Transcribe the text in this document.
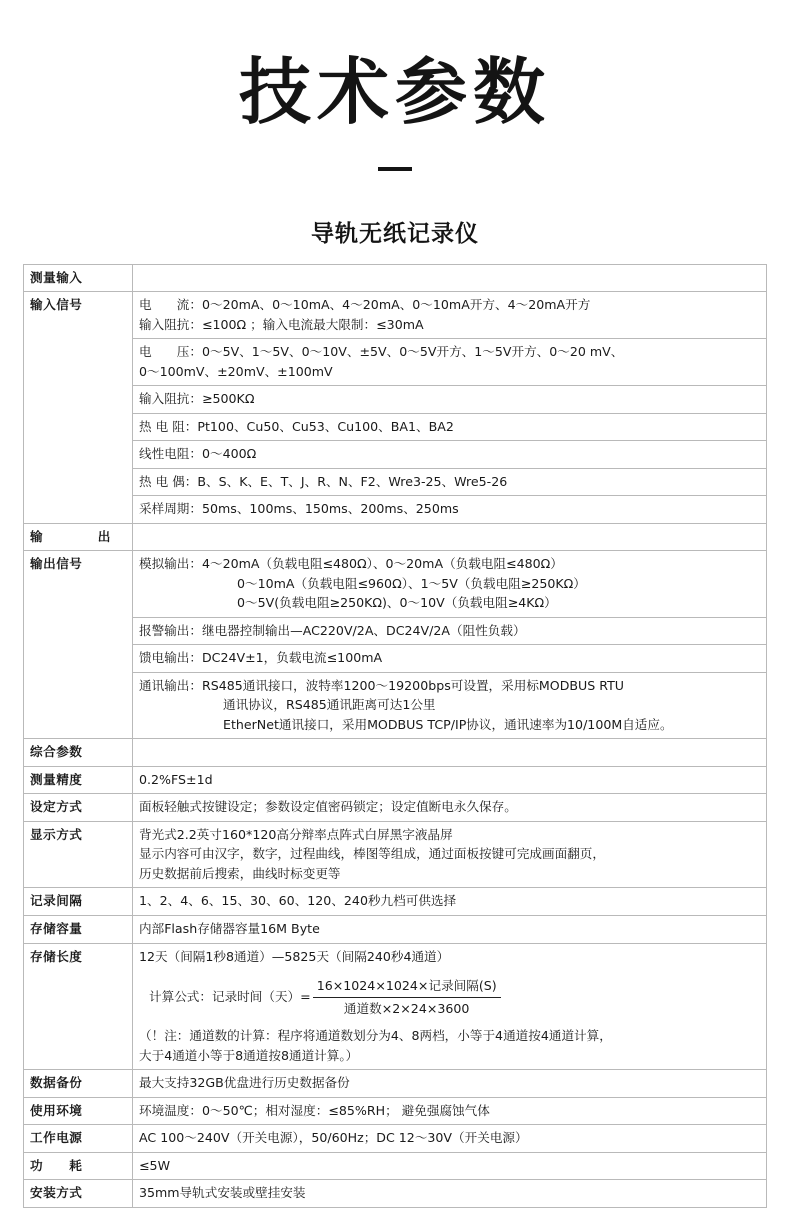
技术参数
导轨无纸记录仪
测量输入	
输入信号	电　　流：0～20mA、0～10mA、4～20mA、0～10mA开方、4～20mA开方
输入阻抗：≤100Ω ；输入电流最大限制：≤30mA

	电　　压：0～5V、1～5V、0～10V、±5V、0～5V开方、1～5V开方、0～20 mV、
0～100mV、±20mV、±100mV

	输入阻抗：≥500KΩ

	热 电 阻：Pt100、Cu50、Cu53、Cu100、BA1、BA2

	线性电阻：0～400Ω

	热 电 偶：B、S、K、E、T、J、R、N、F2、Wre3-25、Wre5-26

	采样周期：50ms、100ms、150ms、200ms、250ms

输　　出	
输出信号	模拟输出：4～20mA（负载电阻≤480Ω）、0～20mA（负载电阻≤480Ω）
0～10mA（负载电阻≤960Ω）、1～5V（负载电阻≥250KΩ）
0～5V(负载电阻≥250KΩ)、0～10V（负载电阻≥4KΩ）

	报警输出：继电器控制输出—AC220V/2A、DC24V/2A（阻性负载）

	馈电输出：DC24V±1，负载电流≤100mA

	通讯输出：RS485通讯接口，波特率1200～19200bps可设置，采用标MODBUS RTU
通讯协议，RS485通讯距离可达1公里
EtherNet通讯接口，采用MODBUS TCP/IP协议，通讯速率为10/100M自适应。

综合参数	
测量精度	0.2%FS±1d

设定方式	面板轻触式按键设定；参数设定值密码锁定；设定值断电永久保存。

显示方式	背光式2.2英寸160*120高分辩率点阵式白屏黑字液晶屏
显示内容可由汉字，数字，过程曲线，棒图等组成，通过面板按键可完成画面翻页，
历史数据前后搜索，曲线时标变更等

记录间隔	1、2、4、6、15、30、60、120、240秒九档可供选择

存储容量	内部Flash存储器容量16M Byte

存储长度	12天（间隔1秒8通道）—5825天（间隔240秒4通道）
计算公式：记录时间（天）= $\frac{\text{16×1024×1024×记录间隔(S)}}{\text{通道数×2×24×3600}}$
（！注：通道数的计算：程序将通道数划分为4、8两档，小等于4通道按4通道计算，
大于4通道小等于8通道按8通道计算。）

数据备份	最大支持32GB优盘进行历史数据备份

使用环境	环境温度：0～50℃；相对湿度：≤85%RH； 避免强腐蚀气体

工作电源	AC 100～240V（开关电源），50/60Hz；DC 12～30V（开关电源）

功　　耗	≤5W

安装方式	35mm导轨式安装或壁挂安装
